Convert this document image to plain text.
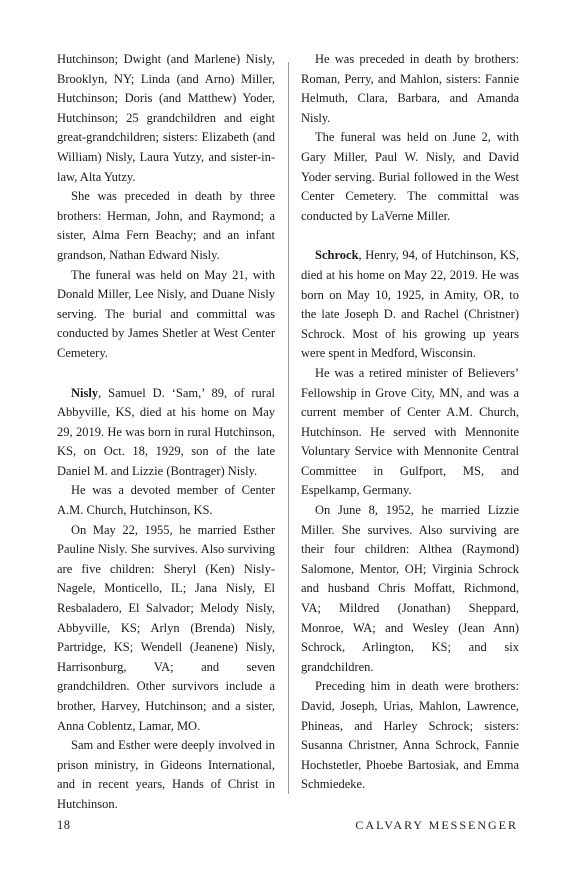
Hutchinson; Dwight (and Marlene) Nisly, Brooklyn, NY; Linda (and Arno) Miller, Hutchinson; Doris (and Matthew) Yoder, Hutchinson; 25 grandchildren and eight great-grandchildren; sisters: Elizabeth (and William) Nisly, Laura Yutzy, and sister-in-law, Alta Yutzy.

She was preceded in death by three brothers: Herman, John, and Raymond; a sister, Alma Fern Beachy; and an infant grandson, Nathan Edward Nisly.

The funeral was held on May 21, with Donald Miller, Lee Nisly, and Duane Nisly serving. The burial and committal was conducted by James Shetler at West Center Cemetery.

Nisly, Samuel D. ‘Sam,’ 89, of rural Abbyville, KS, died at his home on May 29, 2019. He was born in rural Hutchinson, KS, on Oct. 18, 1929, son of the late Daniel M. and Lizzie (Bontrager) Nisly.

He was a devoted member of Center A.M. Church, Hutchinson, KS.

On May 22, 1955, he married Esther Pauline Nisly. She survives. Also surviving are five children: Sheryl (Ken) Nisly-Nagele, Monticello, IL; Jana Nisly, El Resbaladero, El Salvador; Melody Nisly, Abbyville, KS; Arlyn (Brenda) Nisly, Partridge, KS; Wendell (Jeanene) Nisly, Harrisonburg, VA; and seven grandchildren. Other survivors include a brother, Harvey, Hutchinson; and a sister, Anna Coblentz, Lamar, MO.

Sam and Esther were deeply involved in prison ministry, in Gideons International, and in recent years, Hands of Christ in Hutchinson.

He was preceded in death by brothers: Roman, Perry, and Mahlon, sisters: Fannie Helmuth, Clara, Barbara, and Amanda Nisly.

The funeral was held on June 2, with Gary Miller, Paul W. Nisly, and David Yoder serving. Burial followed in the West Center Cemetery. The committal was conducted by LaVerne Miller.

Schrock, Henry, 94, of Hutchinson, KS, died at his home on May 22, 2019. He was born on May 10, 1925, in Amity, OR, to the late Joseph D. and Rachel (Christner) Schrock. Most of his growing up years were spent in Medford, Wisconsin.

He was a retired minister of Believers’ Fellowship in Grove City, MN, and was a current member of Center A.M. Church, Hutchinson. He served with Mennonite Voluntary Service with Mennonite Central Committee in Gulfport, MS, and Espelkamp, Germany.

On June 8, 1952, he married Lizzie Miller. She survives. Also surviving are their four children: Althea (Raymond) Salomone, Mentor, OH; Virginia Schrock and husband Chris Moffatt, Richmond, VA; Mildred (Jonathan) Sheppard, Monroe, WA; and Wesley (Jean Ann) Schrock, Arlington, KS; and six grandchildren.

Preceding him in death were brothers: David, Joseph, Urias, Mahlon, Lawrence, Phineas, and Harley Schrock; sisters: Susanna Christner, Anna Schrock, Fannie Hochstetler, Phoebe Bartosiak, and Emma Schmiedeke.

18	CALVARY MESSENGER
